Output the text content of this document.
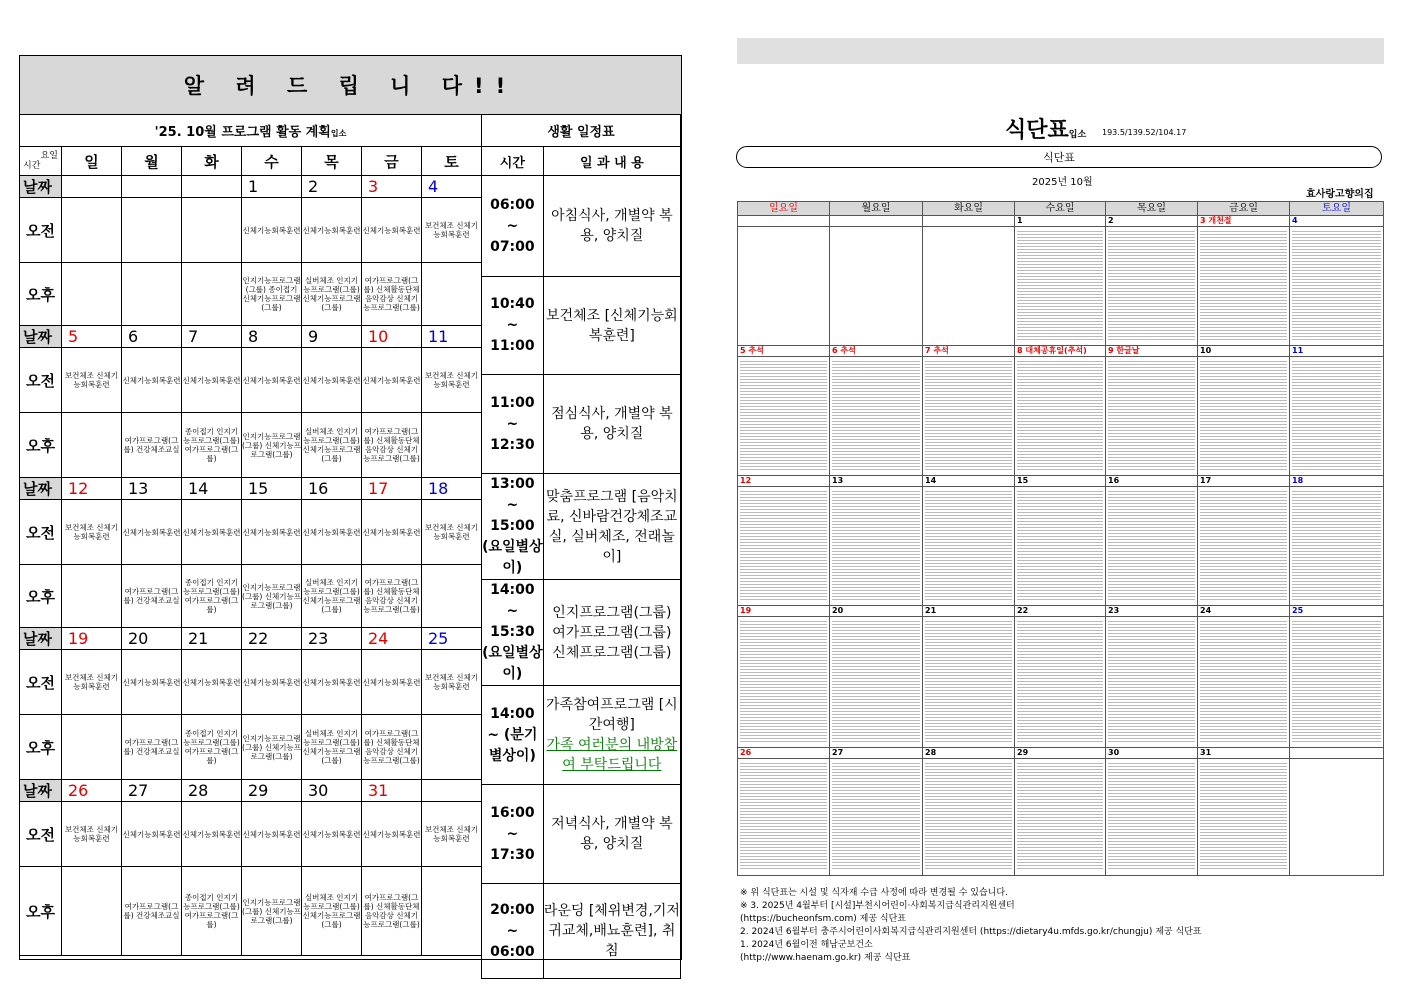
알 려 드 립 니 다!!
'25. 10월 프로그램 활동 계획입소							

요일
시간	일	월	화	수	목	금	토
날짜				1	2	3	4
오전				신체기능회복훈련	신체기능회복훈련	신체기능회복훈련	보건체조 신체기능회복훈련
오후				인지기능프로그램(그룹) 종이접기 신체기능프로그램(그룹)	실버체조 인지기능프로그램(그룹) 신체기능프로그램(그룹)	여가프로그램(그룹) 신체활동단체 음악감상 신체기능프로그램(그룹)	
날짜	5	6	7	8	9	10	11
오전	보건체조 신체기능회복훈련	신체기능회복훈련	신체기능회복훈련	신체기능회복훈련	신체기능회복훈련	신체기능회복훈련	보건체조 신체기능회복훈련
오후		여가프로그램(그룹) 건강체조교실	종이접기 인지기능프로그램(그룹) 여가프로그램(그룹)	인지기능프로그램(그룹) 신체기능프로그램(그룹)	실버체조 인지기능프로그램(그룹) 신체기능프로그램(그룹)	여가프로그램(그룹) 신체활동단체 음악감상 신체기능프로그램(그룹)	
날짜	12	13	14	15	16	17	18
오전	보건체조 신체기능회복훈련	신체기능회복훈련	신체기능회복훈련	신체기능회복훈련	신체기능회복훈련	신체기능회복훈련	보건체조 신체기능회복훈련
오후		여가프로그램(그룹) 건강체조교실	종이접기 인지기능프로그램(그룹) 여가프로그램(그룹)	인지기능프로그램(그룹) 신체기능프로그램(그룹)	실버체조 인지기능프로그램(그룹) 신체기능프로그램(그룹)	여가프로그램(그룹) 신체활동단체 음악감상 신체기능프로그램(그룹)	
날짜	19	20	21	22	23	24	25
오전	보건체조 신체기능회복훈련	신체기능회복훈련	신체기능회복훈련	신체기능회복훈련	신체기능회복훈련	신체기능회복훈련	보건체조 신체기능회복훈련
오후		여가프로그램(그룹) 건강체조교실	종이접기 인지기능프로그램(그룹) 여가프로그램(그룹)	인지기능프로그램(그룹) 신체기능프로그램(그룹)	실버체조 인지기능프로그램(그룹) 신체기능프로그램(그룹)	여가프로그램(그룹) 신체활동단체 음악감상 신체기능프로그램(그룹)	
날짜	26	27	28	29	30	31	
오전	보건체조 신체기능회복훈련	신체기능회복훈련	신체기능회복훈련	신체기능회복훈련	신체기능회복훈련	신체기능회복훈련	보건체조 신체기능회복훈련
오후		여가프로그램(그룹) 건강체조교실	종이접기 인지기능프로그램(그룹) 여가프로그램(그룹)	인지기능프로그램(그룹) 신체기능프로그램(그룹)	실버체조 인지기능프로그램(그룹) 신체기능프로그램(그룹)	여가프로그램(그룹) 신체활동단체 음악감상 신체기능프로그램(그룹)	
생활 일정표	
시간	일 과 내 용
06:00 ~ 07:00	아침식사, 개별약 복용, 양치질

10:40 ~ 11:00	보건체조 [신체기능회복훈련]

11:00 ~ 12:30	점심식사, 개별약 복용, 양치질

13:00 ~ 15:00 (요일별상이)	맞춤프로그램 [음악치료, 신바람건강체조교실, 실버체조, 전래놀이]

14:00 ~ 15:30 (요일별상이)	인지프로그램(그룹) 여가프로그램(그룹) 신체프로그램(그룹)

14:00 ~ (분기별상이)	가족참여프로그램 [시간여행]
가족 여러분의 내방참여 부탁드립니다

16:00 ~ 17:30	저녁식사, 개별약 복용, 양치질

20:00 ~ 06:00	라운딩 [체위변경,기저귀교체,배뇨훈련], 취침
식단표입소 193.5/139.52/104.17
식단표
2025년 10월
효사랑고향의집
일요일	월요일	화요일	수요일	목요일	금요일	토요일
			1	2	3 개천절	4

5 추석	6 추석	7 추석	8 대체공휴일(추석)	9 한글날	10	11

12	13	14	15	16	17	18

19	20	21	22	23	24	25

26	27	28	29	30	31	

※ 위 식단표는 시설 및 식자재 수급 사정에 따라 변경될 수 있습니다.
※ 3. 2025년 4월부터 [시설]부천시어린이·사회복지급식관리지원센터
(https://bucheonfsm.com) 제공 식단표
2. 2024년 6월부터 충주시어린이사회복지급식관리지원센터 (https://dietary4u.mfds.go.kr/chungju) 제공 식단표
1. 2024년 6월이전 해남군보건소
(http://www.haenam.go.kr) 제공 식단표
